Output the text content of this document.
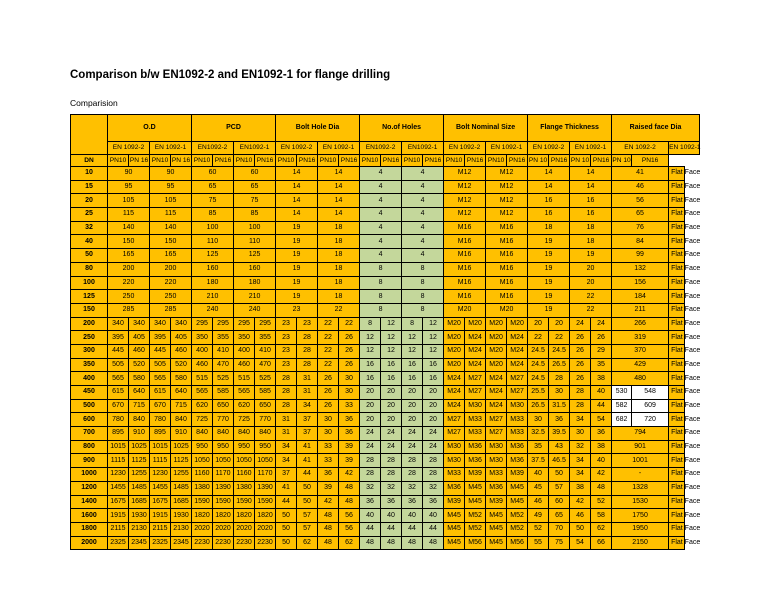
Comparison b/w EN1092-2 and EN1092-1 for flange drilling
Comparision
	O.D				PCD				Bolt Hole Dia				No.of Holes				Bolt Nominal Size				Flange Thickness				Raised face Dia		
	EN 1092-2		EN 1092-1		EN1092-2		EN1092-1		EN 1092-2		EN 1092-1		EN1092-2		EN1092-1		EN 1092-2		EN 1092-1		EN 1092-2		EN 1092-1		EN 1092-2		EN 1092-1
DN	PN10	PN 16	PN10	PN 16	PN10	PN16	PN10	PN16	PN10	PN16	PN10	PN16	PN10	PN16	PN10	PN16	PN10	PN16	PN10	PN16	PN 10	PN16	PN 10	PN16	PN 10	PN16	
10	90		90		60		60		14		14		4		4		M12		M12		14		14		41		Flat Face
15	95		95		65		65		14		14		4		4		M12		M12		14		14		46		Flat Face
20	105		105		75		75		14		14		4		4		M12		M12		16		16		56		Flat Face
25	115		115		85		85		14		14		4		4		M12		M12		16		16		65		Flat Face
32	140		140		100		100		19		18		4		4		M16		M16		18		18		76		Flat Face
40	150		150		110		110		19		18		4		4		M16		M16		19		18		84		Flat Face
50	165		165		125		125		19		18		4		4		M16		M16		19		19		99		Flat Face
80	200		200		160		160		19		18		8		8		M16		M16		19		20		132		Flat Face
100	220		220		180		180		19		18		8		8		M16		M16		19		20		156		Flat Face
125	250		250		210		210		19		18		8		8		M16		M16		19		22		184		Flat Face
150	285		285		240		240		23		22		8		8		M20		M20		19		22		211		Flat Face
200	340	340	340	340	295	295	295	295	23	23	22	22	8	12	8	12	M20	M20	M20	M20	20	20	24	24	266		Flat Face
250	395	405	395	405	350	355	350	355	23	28	22	26	12	12	12	12	M20	M24	M20	M24	22	22	26	26	319		Flat Face
300	445	460	445	460	400	410	400	410	23	28	22	26	12	12	12	12	M20	M24	M20	M24	24.5	24.5	26	29	370		Flat Face
350	505	520	505	520	460	470	460	470	23	28	22	26	16	16	16	16	M20	M24	M20	M24	24.5	26.5	26	35	429		Flat Face
400	565	580	565	580	515	525	515	525	28	31	26	30	16	16	16	16	M24	M27	M24	M27	24.5	28	26	38	480		Flat Face
450	615	640	615	640	565	585	565	585	28	31	26	30	20	20	20	20	M24	M27	M24	M27	25.5	30	28	40	530	548	Flat Face
500	670	715	670	715	620	650	620	650	28	34	26	33	20	20	20	20	M24	M30	M24	M30	26.5	31.5	28	44	582	609	Flat Face
600	780	840	780	840	725	770	725	770	31	37	30	36	20	20	20	20	M27	M33	M27	M33	30	36	34	54	682	720	Flat Face
700	895	910	895	910	840	840	840	840	31	37	30	36	24	24	24	24	M27	M33	M27	M33	32.5	39.5	30	36	794		Flat Face
800	1015	1025	1015	1025	950	950	950	950	34	41	33	39	24	24	24	24	M30	M36	M30	M36	35	43	32	38	901		Flat Face
900	1115	1125	1115	1125	1050	1050	1050	1050	34	41	33	39	28	28	28	28	M30	M36	M30	M36	37.5	46.5	34	40	1001		Flat Face
1000	1230	1255	1230	1255	1160	1170	1160	1170	37	44	36	42	28	28	28	28	M33	M39	M33	M39	40	50	34	42	-		Flat Face
1200	1455	1485	1455	1485	1380	1390	1380	1390	41	50	39	48	32	32	32	32	M36	M45	M36	M45	45	57	38	48	1328		Flat Face
1400	1675	1685	1675	1685	1590	1590	1590	1590	44	50	42	48	36	36	36	36	M39	M45	M39	M45	46	60	42	52	1530		Flat Face
1600	1915	1930	1915	1930	1820	1820	1820	1820	50	57	48	56	40	40	40	40	M45	M52	M45	M52	49	65	46	58	1750		Flat Face
1800	2115	2130	2115	2130	2020	2020	2020	2020	50	57	48	56	44	44	44	44	M45	M52	M45	M52	52	70	50	62	1950		Flat Face
2000	2325	2345	2325	2345	2230	2230	2230	2230	50	62	48	62	48	48	48	48	M45	M56	M45	M56	55	75	54	66	2150		Flat Face
